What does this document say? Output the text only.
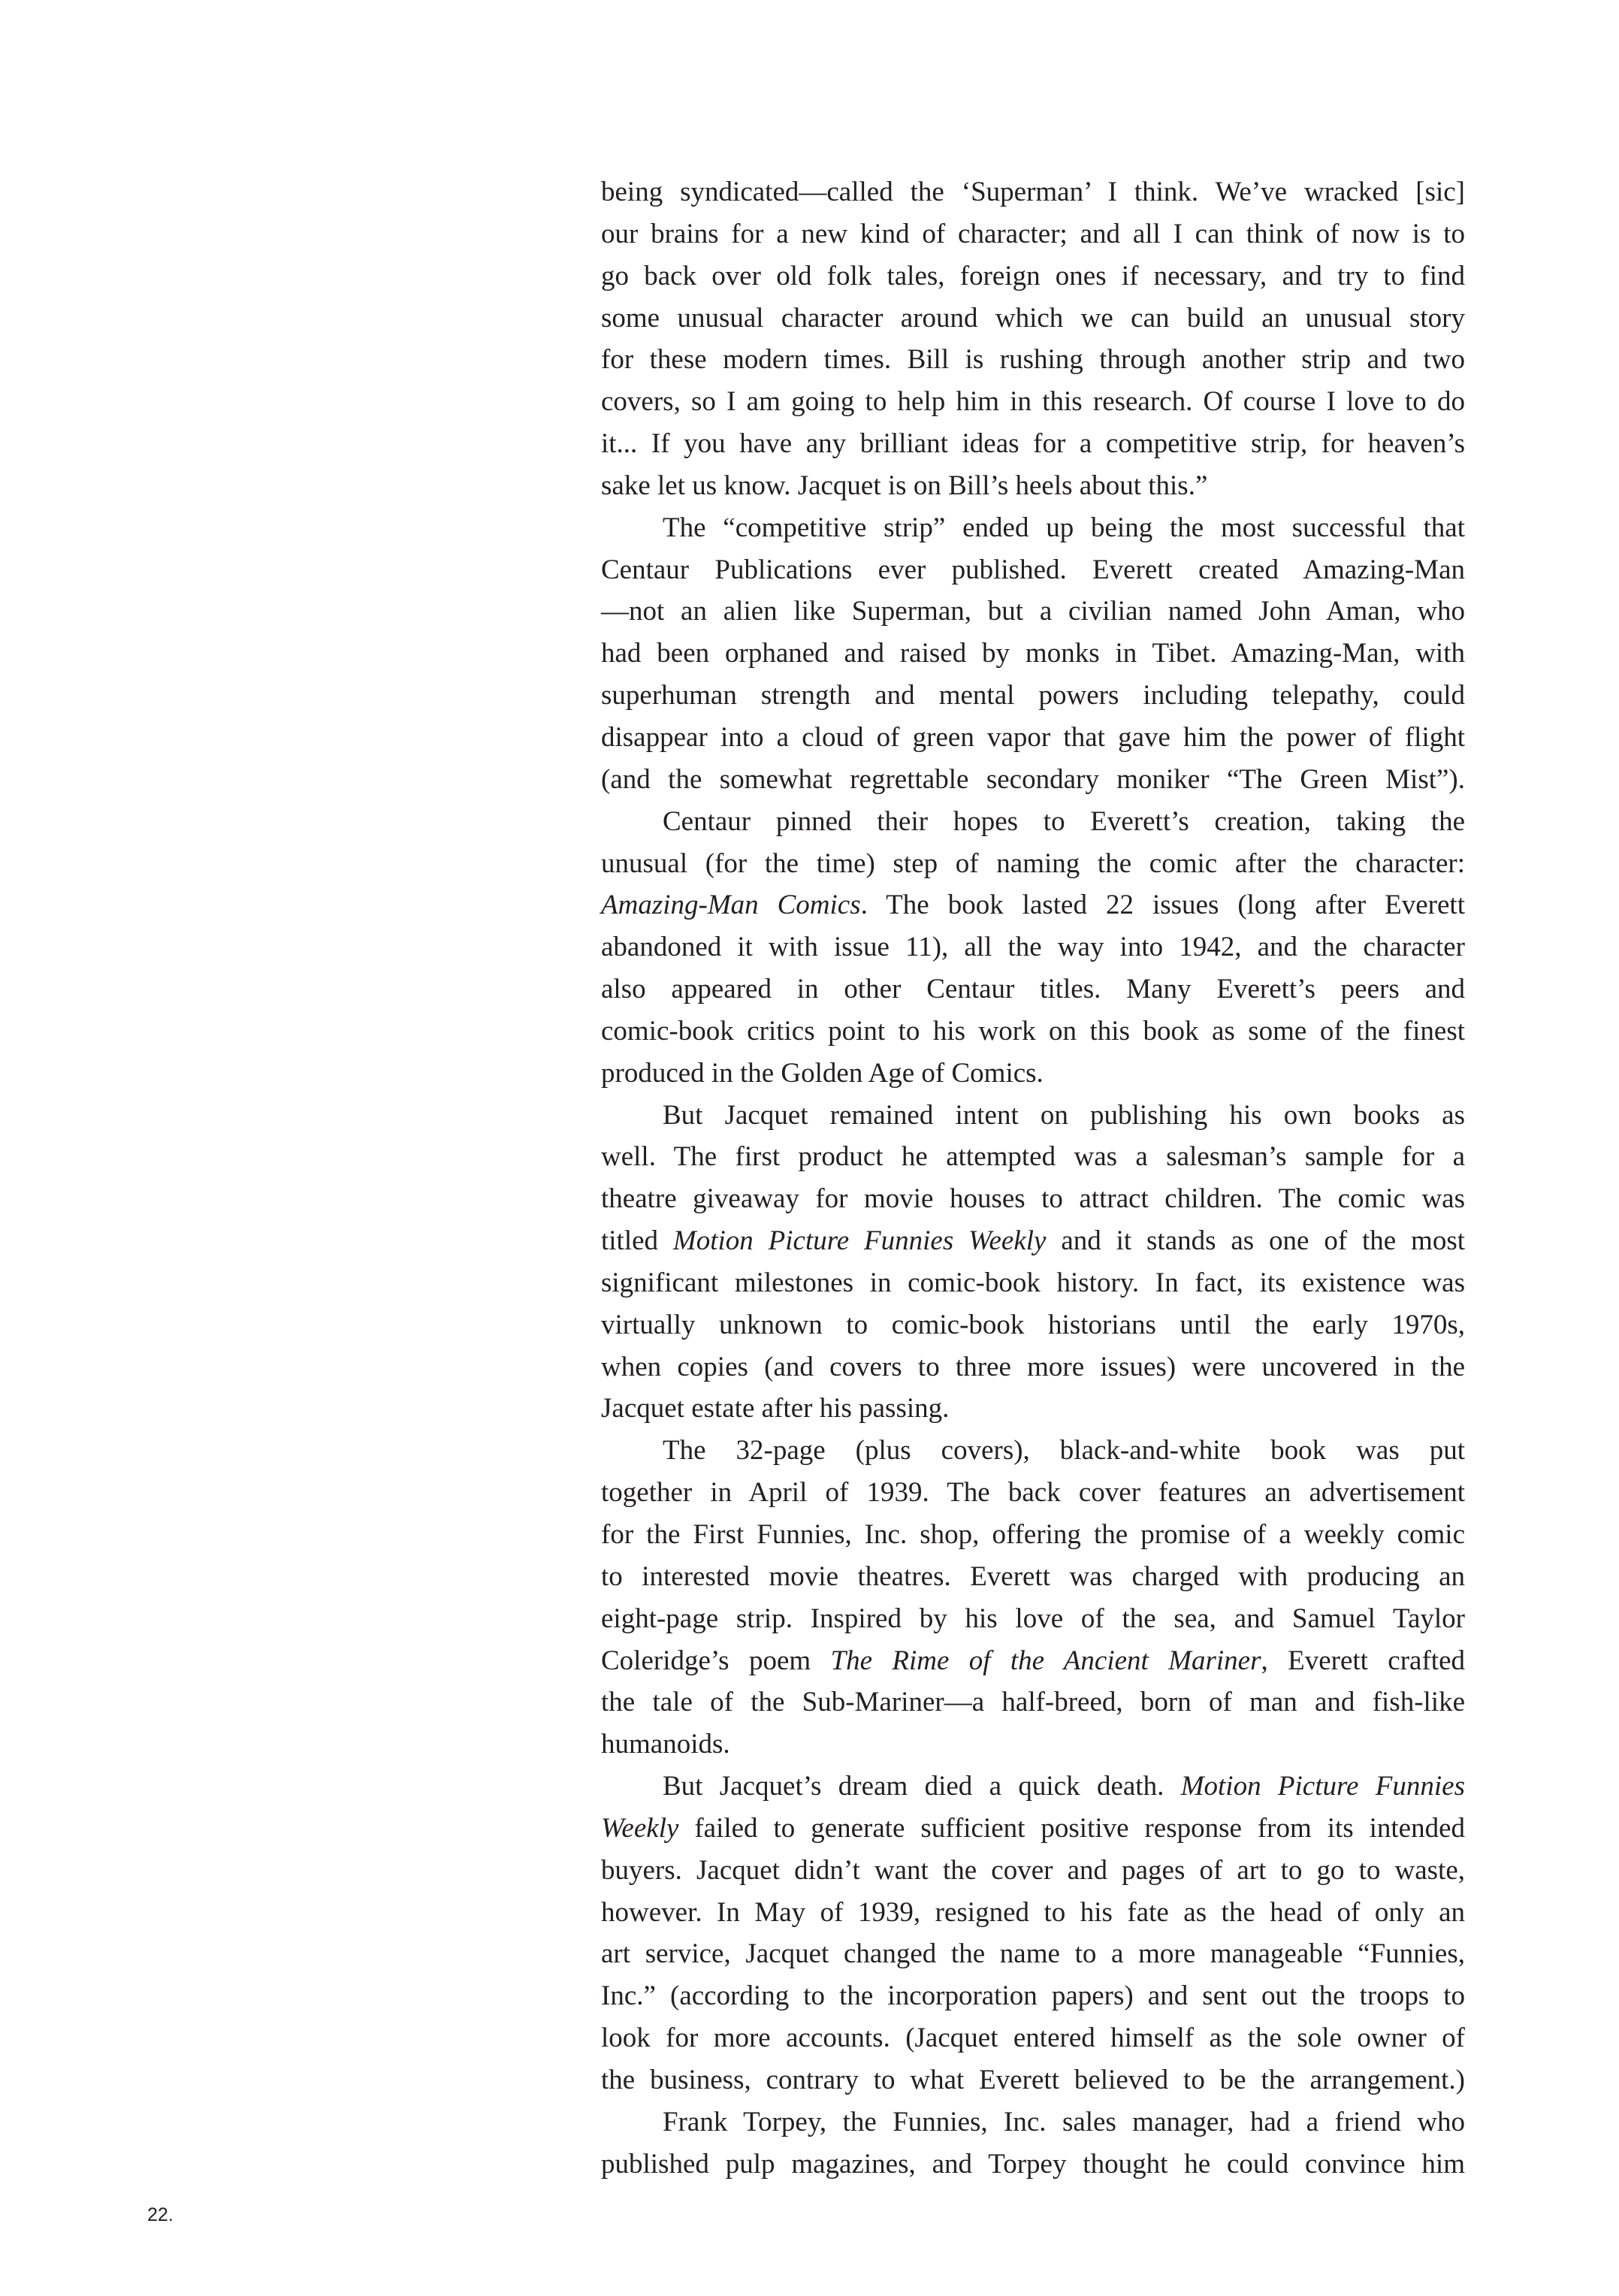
being syndicated—called the ‘Superman’ I think. We’ve wracked [sic]
our brains for a new kind of character; and all I can think of now is to
go back over old folk tales, foreign ones if necessary, and try to find
some unusual character around which we can build an unusual story
for these modern times. Bill is rushing through another strip and two
covers, so I am going to help him in this research. Of course I love to do
it... If you have any brilliant ideas for a competitive strip, for heaven’s
sake let us know. Jacquet is on Bill’s heels about this.”
The “competitive strip” ended up being the most successful that
Centaur Publications ever published. Everett created Amazing-Man
—not an alien like Superman, but a civilian named John Aman, who
had been orphaned and raised by monks in Tibet. Amazing-Man, with
superhuman strength and mental powers including telepathy, could
disappear into a cloud of green vapor that gave him the power of flight
(and the somewhat regrettable secondary moniker “The Green Mist”).
Centaur pinned their hopes to Everett’s creation, taking the
unusual (for the time) step of naming the comic after the character:
Amazing-Man Comics. The book lasted 22 issues (long after Everett
abandoned it with issue 11), all the way into 1942, and the character
also appeared in other Centaur titles. Many Everett’s peers and
comic-book critics point to his work on this book as some of the finest
produced in the Golden Age of Comics.
But Jacquet remained intent on publishing his own books as
well. The first product he attempted was a salesman’s sample for a
theatre giveaway for movie houses to attract children. The comic was
titled Motion Picture Funnies Weekly and it stands as one of the most
significant milestones in comic-book history. In fact, its existence was
virtually unknown to comic-book historians until the early 1970s,
when copies (and covers to three more issues) were uncovered in the
Jacquet estate after his passing.
The 32-page (plus covers), black-and-white book was put
together in April of 1939. The back cover features an advertisement
for the First Funnies, Inc. shop, offering the promise of a weekly comic
to interested movie theatres. Everett was charged with producing an
eight-page strip. Inspired by his love of the sea, and Samuel Taylor
Coleridge’s poem The Rime of the Ancient Mariner, Everett crafted
the tale of the Sub-Mariner—a half-breed, born of man and fish-like
humanoids.
But Jacquet’s dream died a quick death. Motion Picture Funnies
Weekly failed to generate sufficient positive response from its intended
buyers. Jacquet didn’t want the cover and pages of art to go to waste,
however. In May of 1939, resigned to his fate as the head of only an
art service, Jacquet changed the name to a more manageable “Funnies,
Inc.” (according to the incorporation papers) and sent out the troops to
look for more accounts. (Jacquet entered himself as the sole owner of
the business, contrary to what Everett believed to be the arrangement.)
Frank Torpey, the Funnies, Inc. sales manager, had a friend who
published pulp magazines, and Torpey thought he could convince him
22.
